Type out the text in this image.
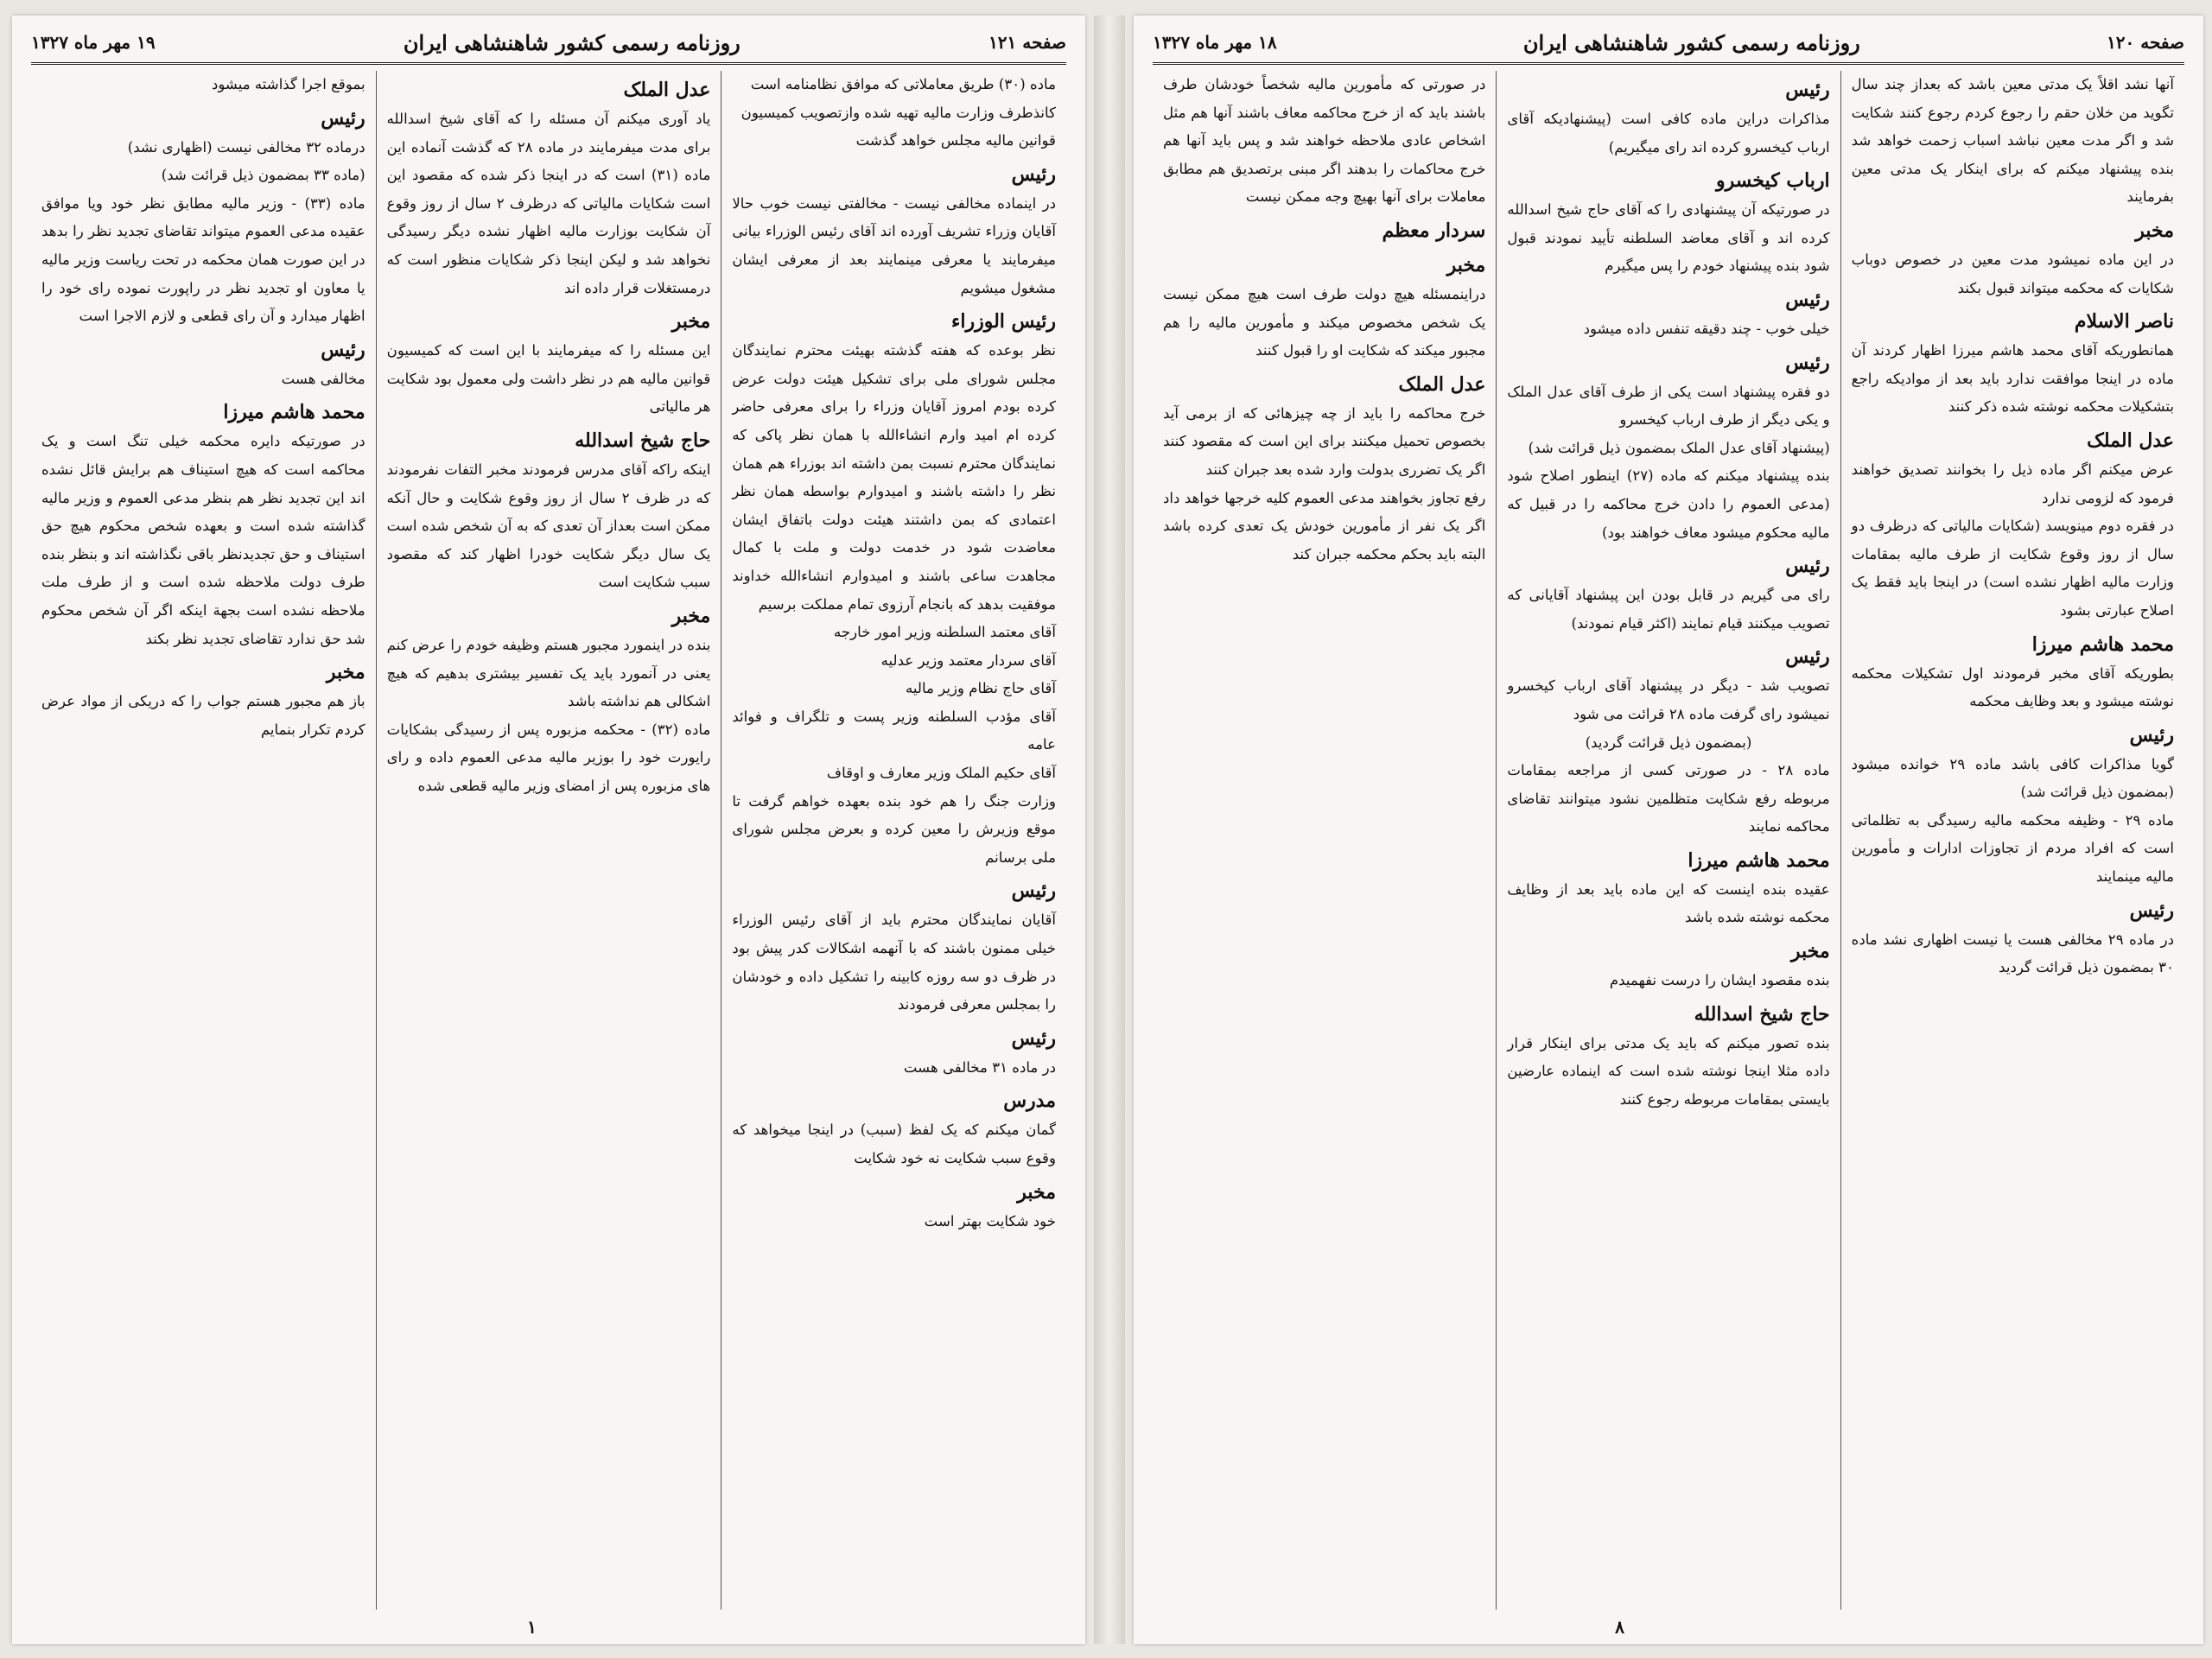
صفحه ۱۲۱
روزنامه رسمی کشور شاهنشاهی ایران
۱۹ مهر ماه ۱۳۲۷
ماده (۳۰) طریق معاملاتی که موافق نظامنامه است
کانذطرف وزارت مالیه تهیه شده وازتصویب کمیسیون
قوانین مالیه مجلس خواهد گذشت
رئیس
در اینماده مخالفی نیست - مخالفتی نیست خوب حالا آقایان وزراء تشریف آورده اند آقای رئیس الوزراء بیانی میفرمایند یا معرفی مینمایند بعد از معرفی ایشان مشغول میشویم
رئیس الوزراء
نظر بوعده که هفته گذشته بهیئت محترم نمایندگان مجلس شورای ملی برای تشکیل هیئت دولت عرض کرده بودم امروز آقایان وزراء را برای معرفی حاضر کرده ام امید وارم انشاءالله با همان نظر پاکی که نمایندگان محترم نسبت بمن داشته اند بوزراء هم همان نظر را داشته باشند و امیدوارم بواسطه همان نظر اعتمادی که بمن داشتند هیئت دولت باتفاق ایشان معاضدت شود در خدمت دولت و ملت با کمال مجاهدت ساعی باشند و امیدوارم انشاءالله خداوند موفقیت بدهد که بانجام آرزوی تمام مملکت برسیم
آقای معتمد السلطنه وزیر امور خارجه
آقای سردار معتمد وزیر عدلیه
آقای حاج نظام وزیر مالیه
آقای مؤدب السلطنه وزیر پست و تلگراف و فوائد عامه
آقای حکیم الملک وزیر معارف و اوقاف
وزارت جنگ را هم خود بنده بعهده خواهم گرفت تا موقع وزیرش را معین کرده و بعرض مجلس شورای ملی برسانم
رئیس
آقایان نمایندگان محترم باید از آقای رئیس الوزراء خیلی ممنون باشند که با آنهمه اشکالات کدر پیش بود در ظرف دو سه روزه کابینه را تشکیل داده و خودشان را بمجلس معرفی فرمودند
رئیس
در ماده ۳۱ مخالفی هست
مدرس
گمان میکنم که یک لفظ (سبب) در اینجا میخواهد که وقوع سبب شکایت نه خود شکایت
مخبر
خود شکایت بهتر است
عدل الملک
یاد آوری میکنم آن مسئله را که آقای شیخ اسدالله برای مدت میفرمایند در ماده ۲۸ که گذشت آنماده این ماده (۳۱) است که در اینجا ذکر شده که مقصود این است شکایات مالیاتی که درظرف ۲ سال از روز وقوع آن شکایت بوزارت مالیه اظهار نشده دیگر رسیدگی نخواهد شد و لیکن اینجا ذکر شکایات منظور است که درمستغلات قرار داده اند
مخبر
این مسئله را که میفرمایند با این است که کمیسیون قوانین مالیه هم در نظر داشت ولی معمول بود شکایت هر مالیاتی
حاج شیخ اسدالله
اینکه راکه آقای مدرس فرمودند مخبر التفات نفرمودند که در ظرف ۲ سال از روز وقوع شکایت و حال آنکه ممکن است بعداز آن تعدی که به آن شخص شده است یک سال دیگر شکایت خودرا اظهار کند که مقصود سبب شکایت است
مخبر
بنده در اینمورد مجبور هستم وظیفه خودم را عرض کنم یعنی در آنمورد باید یک تفسیر بیشتری بدهیم که هیچ اشکالی هم نداشته باشد
ماده (۳۲) - محکمه مزبوره پس از رسیدگی بشکایات رایورت خود را بوزیر مالیه مدعی العموم داده و رای های مزبوره پس از امضای وزیر مالیه قطعی شده
بموقع اجرا گذاشته میشود
رئیس
درماده ۳۲ مخالفی نیست (اظهاری نشد)
(ماده ۳۳ بمضمون ذیل قرائت شد)
ماده (۳۳) - وزیر مالیه مطابق نظر خود ویا موافق عقیده مدعی العموم میتواند تقاضای تجدید نظر را بدهد در این صورت همان محکمه در تحت ریاست وزیر مالیه یا معاون او تجدید نظر در راپورت نموده رای خود را اظهار میدارد و آن رای قطعی و لازم الاجرا است
رئیس
مخالفی هست
محمد هاشم میرزا
در صورتیکه دایره محکمه خیلی تنگ است و یک محاکمه است که هیچ استیناف هم برایش قائل نشده اند این تجدید نظر هم بنظر مدعی العموم و وزیر مالیه گذاشته شده است و بعهده شخص محکوم هیچ حق استیناف و حق تجدیدنظر باقی نگذاشته اند و بنظر بنده طرف دولت ملاحظه شده است و از طرف ملت ملاحظه نشده است بجهة اینکه اگر آن شخص محکوم شد حق ندارد تقاضای تجدید نظر بکند
مخبر
باز هم مجبور هستم جواب را که دریکی از مواد عرض کردم تکرار بنمایم
۱
صفحه ۱۲۰
روزنامه رسمی کشور شاهنشاهی ایران
۱۸ مهر ماه ۱۳۲۷
آنها نشد اقلاً یک مدتی معین باشد که بعداز چند سال تگوید من خلان حقم را رجوع کردم رجوع کنند شکایت شد و اگر مدت معین نباشد اسباب زحمت خواهد شد بنده پیشنهاد میکنم که برای اینکار یک مدتی معین بفرمایند
مخبر
در این ماده نمیشود مدت معین در خصوص دوباب شکایات که محکمه میتواند قبول بکند
ناصر الاسلام
همانطوریکه آقای محمد هاشم میرزا اظهار کردند آن ماده در اینجا موافقت ندارد باید بعد از موادیکه راجع بتشکیلات محکمه نوشته شده ذکر کنند
عدل الملک
عرض میکنم اگر ماده ذیل را بخوانند تصدیق خواهند فرمود که لزومی ندارد
در فقره دوم مینویسد (شکایات مالیاتی که درظرف دو سال از روز وقوع شکایت از طرف مالیه بمقامات وزارت مالیه اظهار نشده است) در اینجا باید فقط یک اصلاح عبارتی بشود
محمد هاشم میرزا
بطوریکه آقای مخبر فرمودند اول تشکیلات محکمه نوشته میشود و بعد وظایف محکمه
رئیس
گویا مذاکرات کافی باشد ماده ۲۹ خوانده میشود (بمضمون ذیل قرائت شد)
ماده ۲۹ - وظیفه محکمه مالیه رسیدگی به تظلماتی است که افراد مردم از تجاوزات ادارات و مأمورین مالیه مینمایند
رئیس
در ماده ۲۹ مخالفی هست یا نیست اظهاری نشد ماده ۳۰ بمضمون ذیل قرائت گردید
رئیس
مذاکرات دراین ماده کافی است (پیشنهادیکه آقای ارباب کیخسرو کرده اند رای میگیریم)
ارباب کیخسرو
در صورتیکه آن پیشنهادی را که آقای حاج شیخ اسدالله کرده اند و آقای معاضد السلطنه تأیید نمودند قبول شود بنده پیشنهاد خودم را پس میگیرم
رئیس
خیلی خوب - چند دقیقه تنفس داده میشود
رئیس
دو فقره پیشنهاد است یکی از طرف آقای عدل الملک و یکی دیگر از طرف ارباب کیخسرو
(پیشنهاد آقای عدل الملک بمضمون ذیل قرائت شد)
بنده پیشنهاد میکنم که ماده (۲۷) اینطور اصلاح شود (مدعی العموم را دادن خرج محاکمه را در قبیل که مالیه محکوم میشود معاف خواهند بود)
رئیس
رای می گیریم در قابل بودن این پیشنهاد آقایانی که تصویب میکنند قیام نمایند (اکثر قیام نمودند)
رئیس
تصویب شد - دیگر در پیشنهاد آقای ارباب کیخسرو نمیشود رای گرفت ماده ۲۸ قرائت می شود
(بمضمون ذیل قرائت گردید)
ماده ۲۸ - در صورتی کسی از مراجعه بمقامات مربوطه رفع شکایت متظلمین نشود میتوانند تقاضای محاکمه نمایند
محمد هاشم میرزا
عقیده بنده اینست که این ماده باید بعد از وظایف محکمه نوشته شده باشد
مخبر
بنده مقصود ایشان را درست نفهمیدم
حاج شیخ اسدالله
بنده تصور میکنم که باید یک مدتی برای اینکار قرار داده مثلا اینجا نوشته شده است که اینماده عارضین بایستی بمقامات مربوطه رجوع کنند
در صورتی که مأمورین مالیه شخصاً خودشان طرف باشند باید که از خرج محاکمه معاف باشند آنها هم مثل اشخاص عادی ملاحظه خواهند شد و پس باید آنها هم خرج محاکمات را بدهند اگر مبنی برتصدیق هم مطابق معاملات برای آنها بهیچ وجه ممکن نیست
سردار معظم
مخبر
دراینمسئله هیچ دولت طرف است هیچ ممکن نیست یک شخص مخصوص میکند و مأمورین مالیه را هم مجبور میکند که شکایت او را قبول کنند
عدل الملک
خرج محاکمه را باید از چه چیزهائی که از برمی آید بخصوص تحمیل میکنند برای این است که مقصود کنند اگر یک تضرری بدولت وارد شده بعد جبران کنند
رفع تجاوز بخواهند مدعی العموم کلیه خرجها خواهد داد اگر یک نفر از مأمورین خودش یک تعدی کرده باشد البته باید بحکم محکمه جبران کند
۸
